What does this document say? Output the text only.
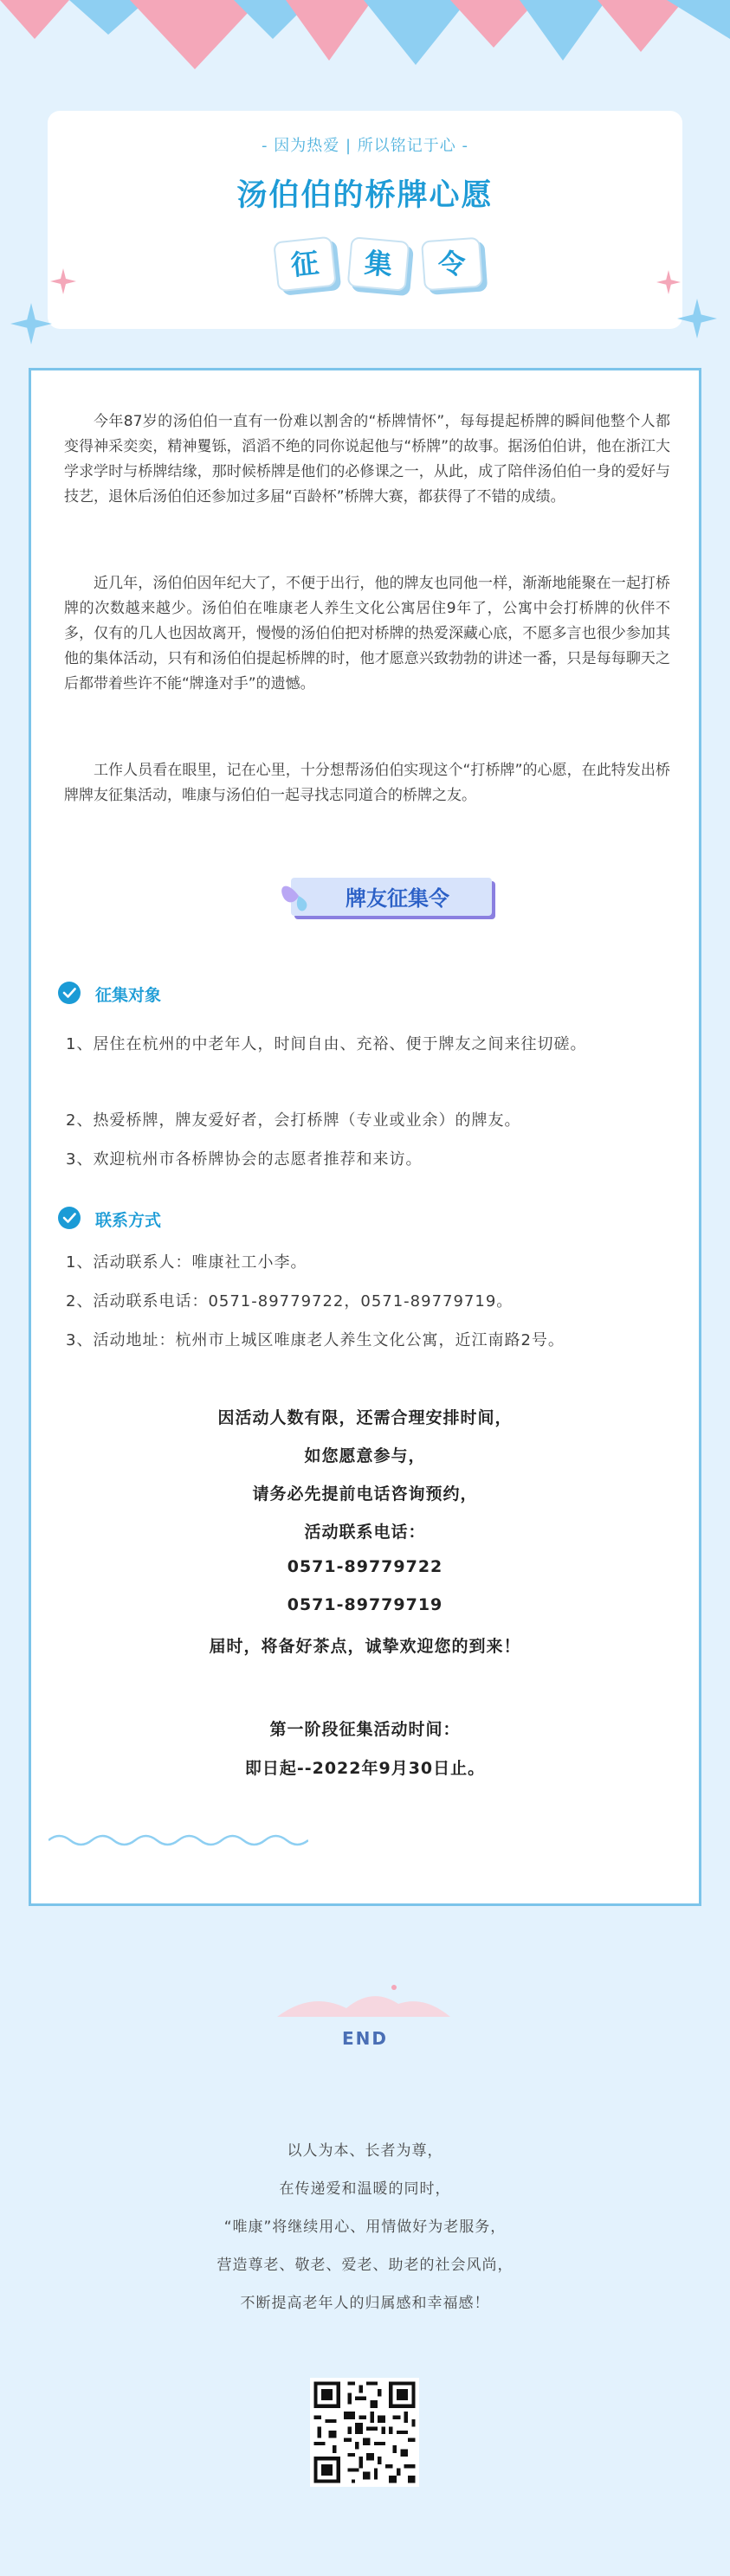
- 因为热爱 | 所以铭记于心 -
汤伯伯的桥牌心愿
征	集	令
今年87岁的汤伯伯一直有一份难以割舍的“桥牌情怀”，每每提起桥牌的瞬间他整个人都变得神采奕奕，精神矍铄，滔滔不绝的同你说起他与“桥牌”的故事。据汤伯伯讲，他在浙江大学求学时与桥牌结缘，那时候桥牌是他们的必修课之一，从此，成了陪伴汤伯伯一身的爱好与技艺，退休后汤伯伯还参加过多届“百龄杯”桥牌大赛，都获得了不错的成绩。
近几年，汤伯伯因年纪大了，不便于出行，他的牌友也同他一样，渐渐地能聚在一起打桥牌的次数越来越少。汤伯伯在唯康老人养生文化公寓居住9年了，公寓中会打桥牌的伙伴不多，仅有的几人也因故离开，慢慢的汤伯伯把对桥牌的热爱深藏心底，不愿多言也很少参加其他的集体活动，只有和汤伯伯提起桥牌的时，他才愿意兴致勃勃的讲述一番，只是每每聊天之后都带着些许不能“牌逢对手”的遗憾。
工作人员看在眼里，记在心里，十分想帮汤伯伯实现这个“打桥牌”的心愿，在此特发出桥牌牌友征集活动，唯康与汤伯伯一起寻找志同道合的桥牌之友。
牌友征集令
征集对象
1、居住在杭州的中老年人，时间自由、充裕、便于牌友之间来往切磋。
2、热爱桥牌，牌友爱好者，会打桥牌（专业或业余）的牌友。
3、欢迎杭州市各桥牌协会的志愿者推荐和来访。
联系方式
1、活动联系人：唯康社工小李。
2、活动联系电话：0571-89779722，0571-89779719。
3、活动地址：杭州市上城区唯康老人养生文化公寓，近江南路2号。
因活动人数有限，还需合理安排时间，
如您愿意参与，
请务必先提前电话咨询预约，
活动联系电话：
0571-89779722
0571-89779719
届时，将备好茶点，诚挚欢迎您的到来！
第一阶段征集活动时间：
即日起--2022年9月30日止。
END
以人为本、长者为尊，
在传递爱和温暖的同时，
“唯康”将继续用心、用情做好为老服务，
营造尊老、敬老、爱老、助老的社会风尚，
不断提高老年人的归属感和幸福感！
